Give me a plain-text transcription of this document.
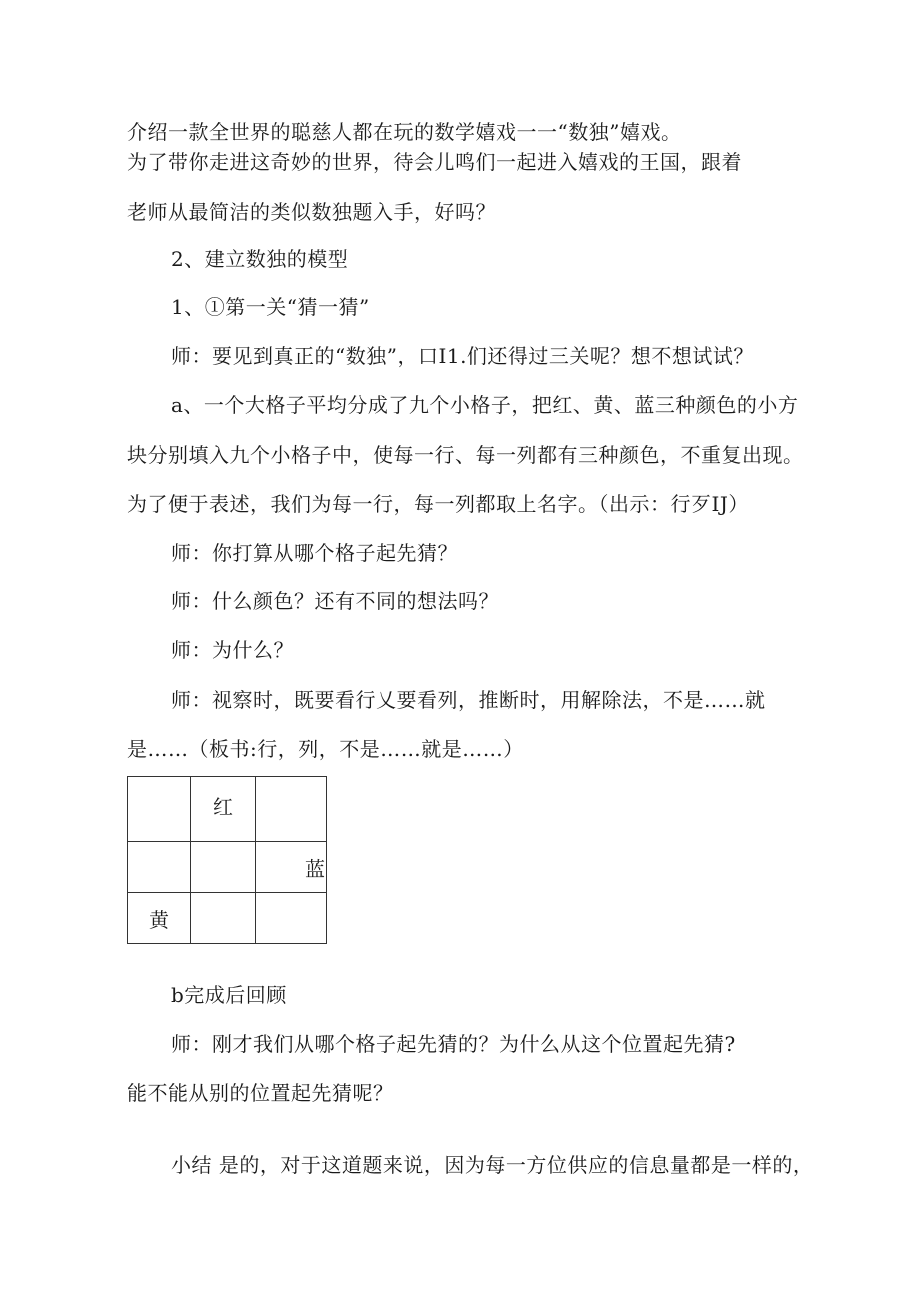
介绍一款全世界的聪慈人都在玩的数学嬉戏一一“数独”嬉戏。
为了带你走进这奇妙的世界，待会儿鸣们一起进入嬉戏的王国，跟着
老师从最简洁的类似数独题入手，好吗？
2、建立数独的模型
1、①第一关“猜一猜”
师：要见到真正的“数独”，口I1.们还得过三关呢？想不想试试？
a、一个大格子平均分成了九个小格子，把红、黄、蓝三种颜色的小方
块分别填入九个小格子中，使每一行、每一列都有三种颜色，不重复出现。
为了便于表述，我们为每一行，每一列都取上名字。（出示：行歹IJ）
师：你打算从哪个格子起先猜？
师：什么颜色？还有不同的想法吗？
师：为什么？
师：视察时，既要看行乂要看列，推断时，用解除法，不是……就
是……（板书:行，列，不是……就是……）
	红	
		蓝
黄		
b完成后回顾
师：刚才我们从哪个格子起先猜的？为什么从这个位置起先猜?
能不能从别的位置起先猜呢？
小结 是的，对于这道题来说，因为每一方位供应的信息量都是一样的，
